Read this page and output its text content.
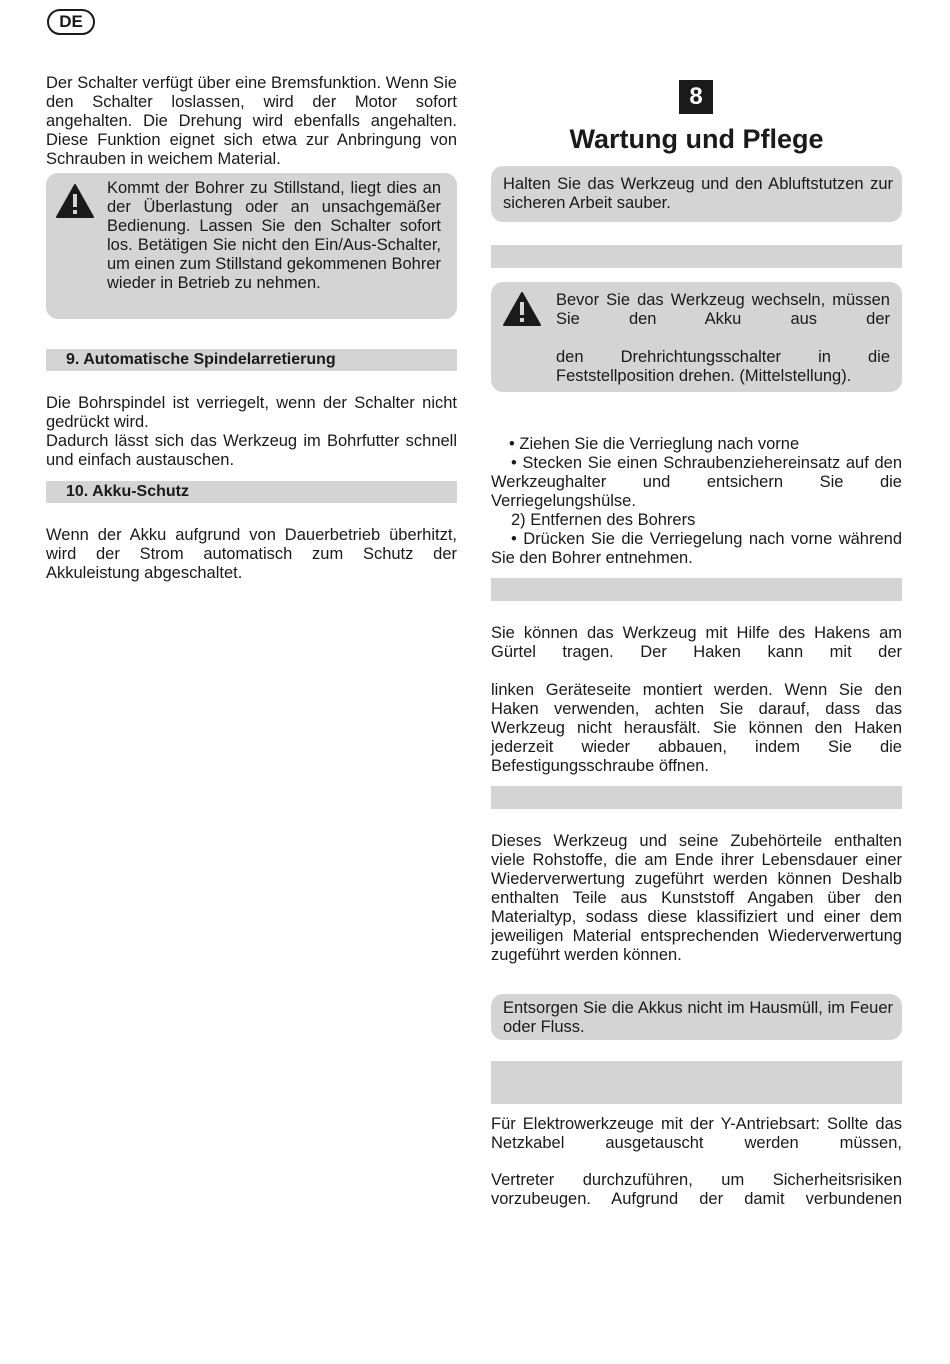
DE

Der Schalter verfügt über eine Bremsfunktion. Wenn Sie den Schalter loslassen, wird der Motor sofort angehalten. Die Drehung wird ebenfalls angehalten. Diese Funktion eignet sich etwa zur Anbringung von Schrauben in weichem Material.

Kommt der Bohrer zu Stillstand, liegt dies an der Überlastung oder an unsachgemäßer Bedienung. Lassen Sie den Schalter sofort los. Betätigen Sie nicht den Ein/Aus-Schalter, um einen zum Stillstand gekommenen Bohrer wieder in Betrieb zu nehmen.

9. Automatische Spindelarretierung

Die Bohrspindel ist verriegelt, wenn der Schalter nicht gedrückt wird.

Dadurch lässt sich das Werkzeug im Bohrfutter schnell und einfach austauschen.

10. Akku-Schutz

Wenn der Akku aufgrund von Dauerbetrieb überhitzt, wird der Strom automatisch zum Schutz der Akkuleistung abgeschaltet.

8
Wartung und Pflege

Halten Sie das Werkzeug und den Abluftstutzen zur sicheren Arbeit sauber.

Bevor Sie das Werkzeug wechseln, müssen Sie den Akku aus der

den Drehrichtungsschalter in die Feststellposition drehen. (Mittelstellung).

• Ziehen Sie die Verrieglung nach vorne

• Stecken Sie einen Schraubenziehereinsatz auf den Werkzeughalter und entsichern Sie die Verriegelungshülse.

2) Entfernen des Bohrers

• Drücken Sie die Verriegelung nach vorne während Sie den Bohrer entnehmen.

Sie können das Werkzeug mit Hilfe des Hakens am Gürtel tragen. Der Haken kann mit der

linken Geräteseite montiert werden. Wenn Sie den Haken verwenden, achten Sie darauf, dass das Werkzeug nicht herausfält. Sie können den Haken jederzeit wieder abbauen, indem Sie die Befestigungsschraube öffnen.

Dieses Werkzeug und seine Zubehörteile enthalten viele Rohstoffe, die am Ende ihrer Lebensdauer einer Wiederverwertung zugeführt werden können Deshalb enthalten Teile aus Kunststoff Angaben über den Materialtyp, sodass diese klassifiziert und einer dem jeweiligen Material entsprechenden Wiederverwertung zugeführt werden können.

Entsorgen Sie die Akkus nicht im Hausmüll, im Feuer oder Fluss.

Für Elektrowerkzeuge mit der Y-Antriebsart: Sollte das Netzkabel ausgetauscht werden müssen,

Vertreter durchzuführen, um Sicherheitsrisiken vorzubeugen. Aufgrund der damit verbundenen
